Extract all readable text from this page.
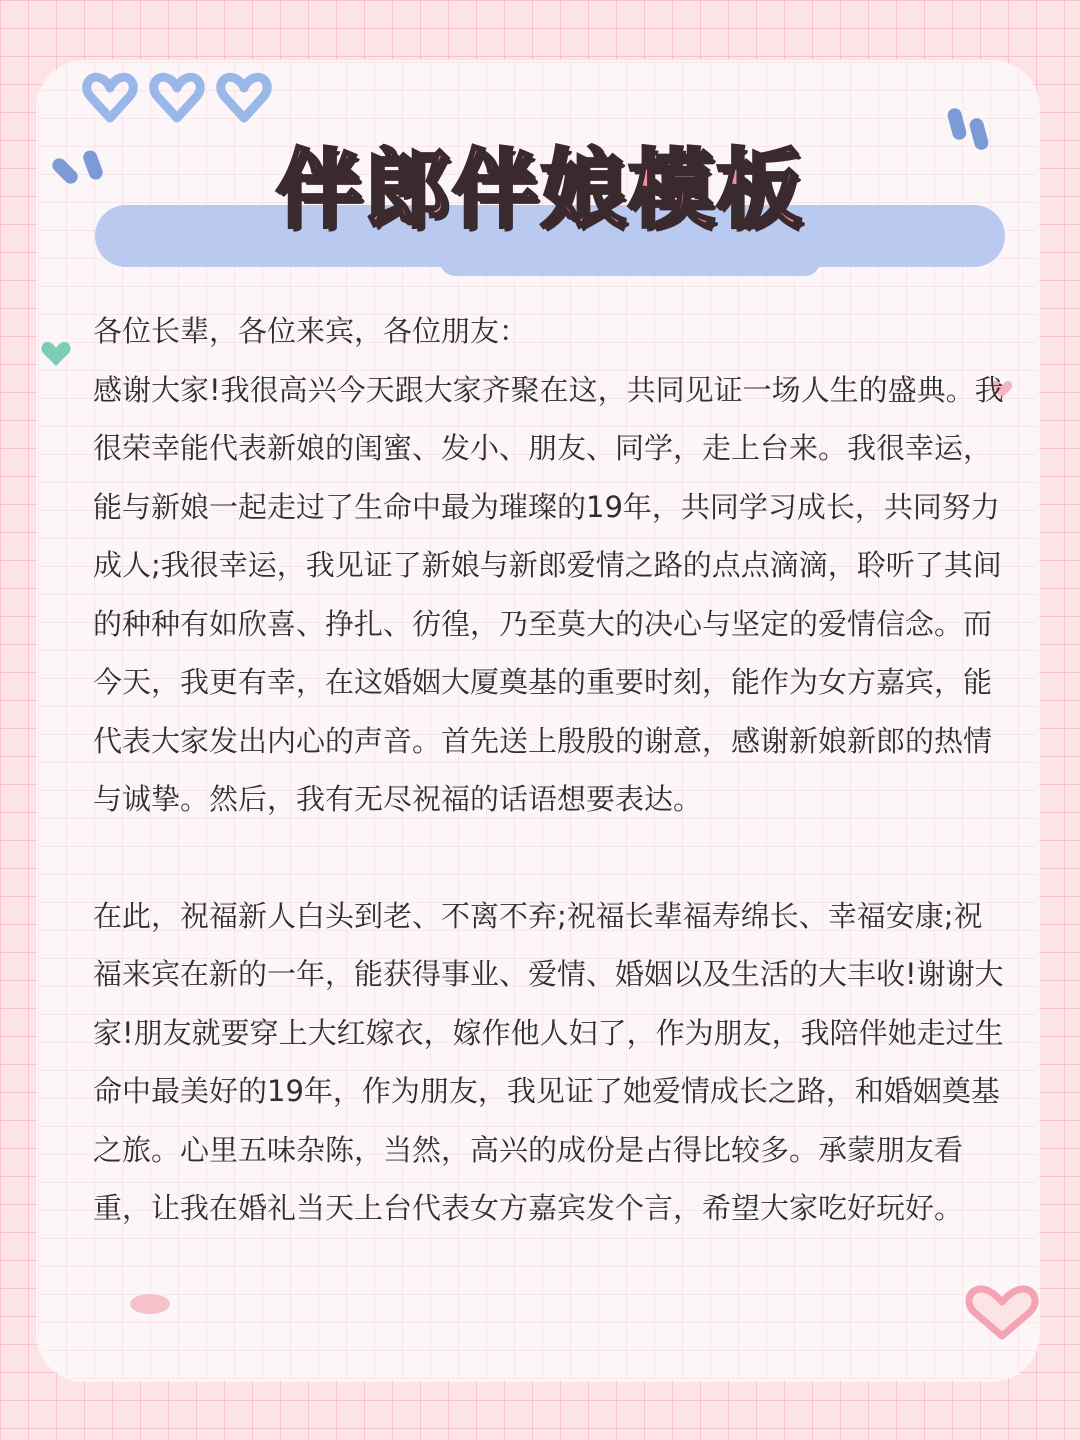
伴郎伴娘模板

各位长辈，各位来宾，各位朋友：

感谢大家!我很高兴今天跟大家齐聚在这，共同见证一场人生的盛典。我很荣幸能代表新娘的闺蜜、发小、朋友、同学，走上台来。我很幸运，能与新娘一起走过了生命中最为璀璨的19年，共同学习成长，共同努力成人;我很幸运，我见证了新娘与新郎爱情之路的点点滴滴，聆听了其间的种种有如欣喜、挣扎、彷徨，乃至莫大的决心与坚定的爱情信念。而今天，我更有幸，在这婚姻大厦奠基的重要时刻，能作为女方嘉宾，能代表大家发出内心的声音。首先送上殷殷的谢意，感谢新娘新郎的热情与诚挚。然后，我有无尽祝福的话语想要表达。

在此，祝福新人白头到老、不离不弃;祝福长辈福寿绵长、幸福安康;祝福来宾在新的一年，能获得事业、爱情、婚姻以及生活的大丰收!谢谢大家!朋友就要穿上大红嫁衣，嫁作他人妇了，作为朋友，我陪伴她走过生命中最美好的19年，作为朋友，我见证了她爱情成长之路，和婚姻奠基之旅。心里五味杂陈，当然，高兴的成份是占得比较多。承蒙朋友看重，让我在婚礼当天上台代表女方嘉宾发个言，希望大家吃好玩好。
